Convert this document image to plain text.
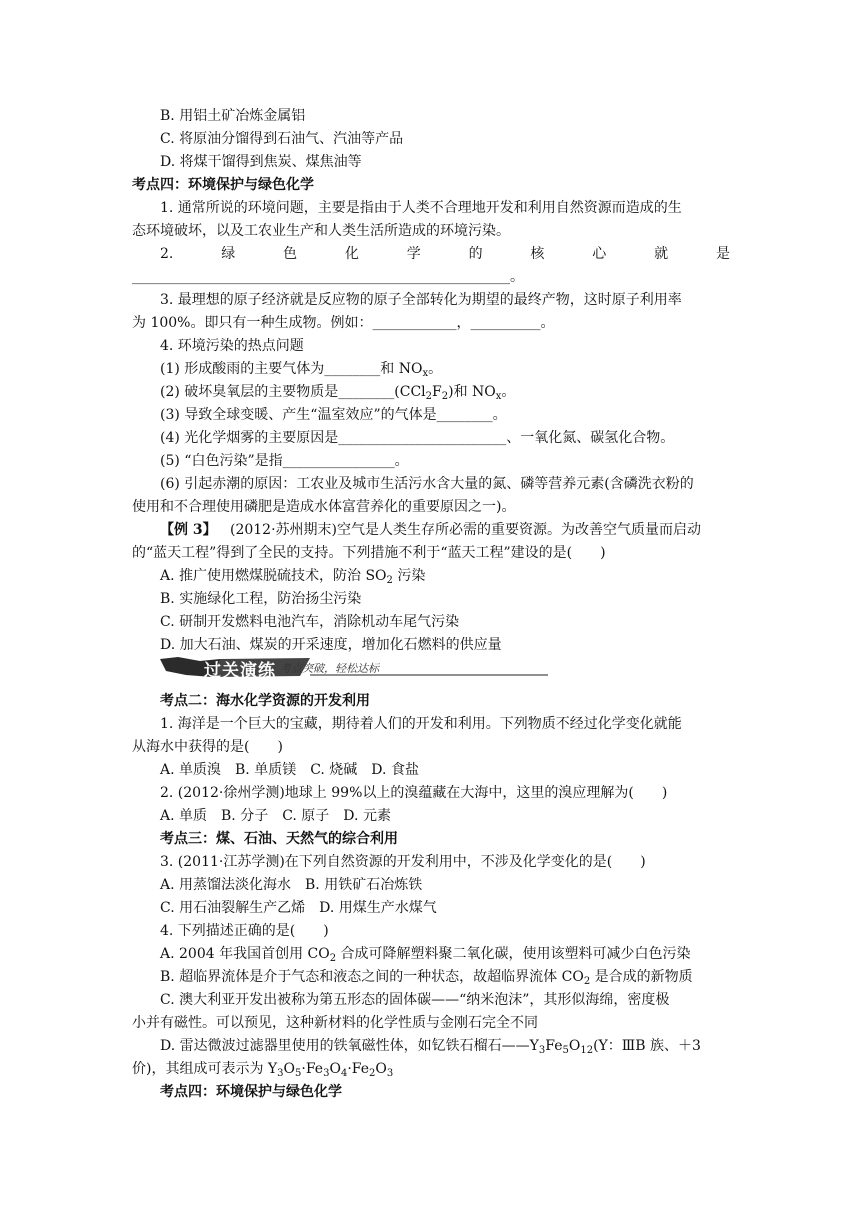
B. 用铝土矿冶炼金属铝
C. 将原油分馏得到石油气、汽油等产品
D. 将煤干馏得到焦炭、煤焦油等
考点四：环境保护与绿色化学
1. 通常所说的环境问题，主要是指由于人类不合理地开发和利用自然资源而造成的生
态环境破坏，以及工农业生产和人类生活所造成的环境污染。
2.	绿	色	化	学	的	核	心	就	是
______________________________________________________。
3. 最理想的原子经济就是反应物的原子全部转化为期望的最终产物，这时原子利用率
为 100%。即只有一种生成物。例如：____________，__________。
4. 环境污染的热点问题
(1) 形成酸雨的主要气体为________和 $NO_x$。
(2) 破坏臭氧层的主要物质是$\_\_\_\_\_\_\_\_(CCl_2F_2)$和 $NO_x$。
(3) 导致全球变暖、产生“温室效应”的气体是________。
(4) 光化学烟雾的主要原因是________________________、一氧化氮、碳氢化合物。
(5) “白色污染”是指________________。
(6) 引起赤潮的原因：工农业及城市生活污水含大量的氮、磷等营养元素(含磷洗衣粉的
使用和不合理使用磷肥是造成水体富营养化的重要原因之一)。
【例 3】 (2012·苏州期末)空气是人类生存所必需的重要资源。为改善空气质量而启动
的“蓝天工程”得到了全民的支持。下列措施不利于“蓝天工程”建设的是(　　)
A. 推广使用燃煤脱硫技术，防治 $SO_2$ 污染
B. 实施绿化工程，防治扬尘污染
C. 研制开发燃料电池汽车，消除机动车尾气污染
D. 加大石油、煤炭的开采速度，增加化石燃料的供应量
过关演练 考点突破，轻松达标
考点二：海水化学资源的开发利用
1. 海洋是一个巨大的宝藏，期待着人们的开发和利用。下列物质不经过化学变化就能
从海水中获得的是(　　)
A. 单质溴　B. 单质镁　C. 烧碱　D. 食盐
2. (2012·徐州学测)地球上 99%以上的溴蕴藏在大海中，这里的溴应理解为(　　)
A. 单质　B. 分子　C. 原子　D. 元素
考点三：煤、石油、天然气的综合利用
3. (2011·江苏学测)在下列自然资源的开发利用中，不涉及化学变化的是(　　)
A. 用蒸馏法淡化海水　B. 用铁矿石冶炼铁
C. 用石油裂解生产乙烯　D. 用煤生产水煤气
4. 下列描述正确的是(　　)
A. 2004 年我国首创用 $CO_2$ 合成可降解塑料聚二氧化碳，使用该塑料可减少白色污染
B. 超临界流体是介于气态和液态之间的一种状态，故超临界流体 $CO_2$ 是合成的新物质
C. 澳大利亚开发出被称为第五形态的固体碳——“纳米泡沫”，其形似海绵，密度极
小并有磁性。可以预见，这种新材料的化学性质与金刚石完全不同
D. 雷达微波过滤器里使用的铁氧磁性体，如钇铁石榴石$——Y_3Fe_5O_{12}(Y$：ⅢB 族、＋3
价)，其组成可表示为 $Y_3O_5\cdot Fe_3O_4\cdot Fe_2O_3$
考点四：环境保护与绿色化学
